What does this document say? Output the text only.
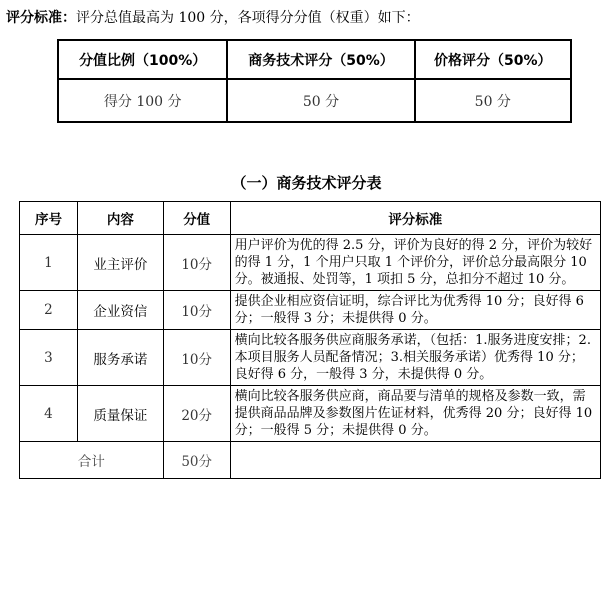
评分标准：评分总值最高为 100 分，各项得分分值（权重）如下：
分值比例（100%）	商务技术评分（50%）	价格评分（50%）
得分 100 分	50 分	50 分
（一）商务技术评分表
序号	内容	分值	评分标准
1	业主评价	10分	用户评价为优的得 2.5 分，评价为良好的得 2 分，评价为较好的得 1 分，1 个用户只取 1 个评价分，评价总分最高限分 10 分。被通报、处罚等，1 项扣 5 分，总扣分不超过 10 分。
2	企业资信	10分	提供企业相应资信证明，综合评比为优秀得 10 分；良好得 6 分；一般得 3 分；未提供得 0 分。
3	服务承诺	10分	横向比较各服务供应商服务承诺，（包括：1.服务进度安排；2.本项目服务人员配备情况；3.相关服务承诺）优秀得 10 分；良好得 6 分，一般得 3 分，未提供得 0 分。
4	质量保证	20分	横向比较各服务供应商，商品要与清单的规格及参数一致，需提供商品品牌及参数图片佐证材料，优秀得 20 分；良好得 10 分；一般得 5 分；未提供得 0 分。
合计		50分	
